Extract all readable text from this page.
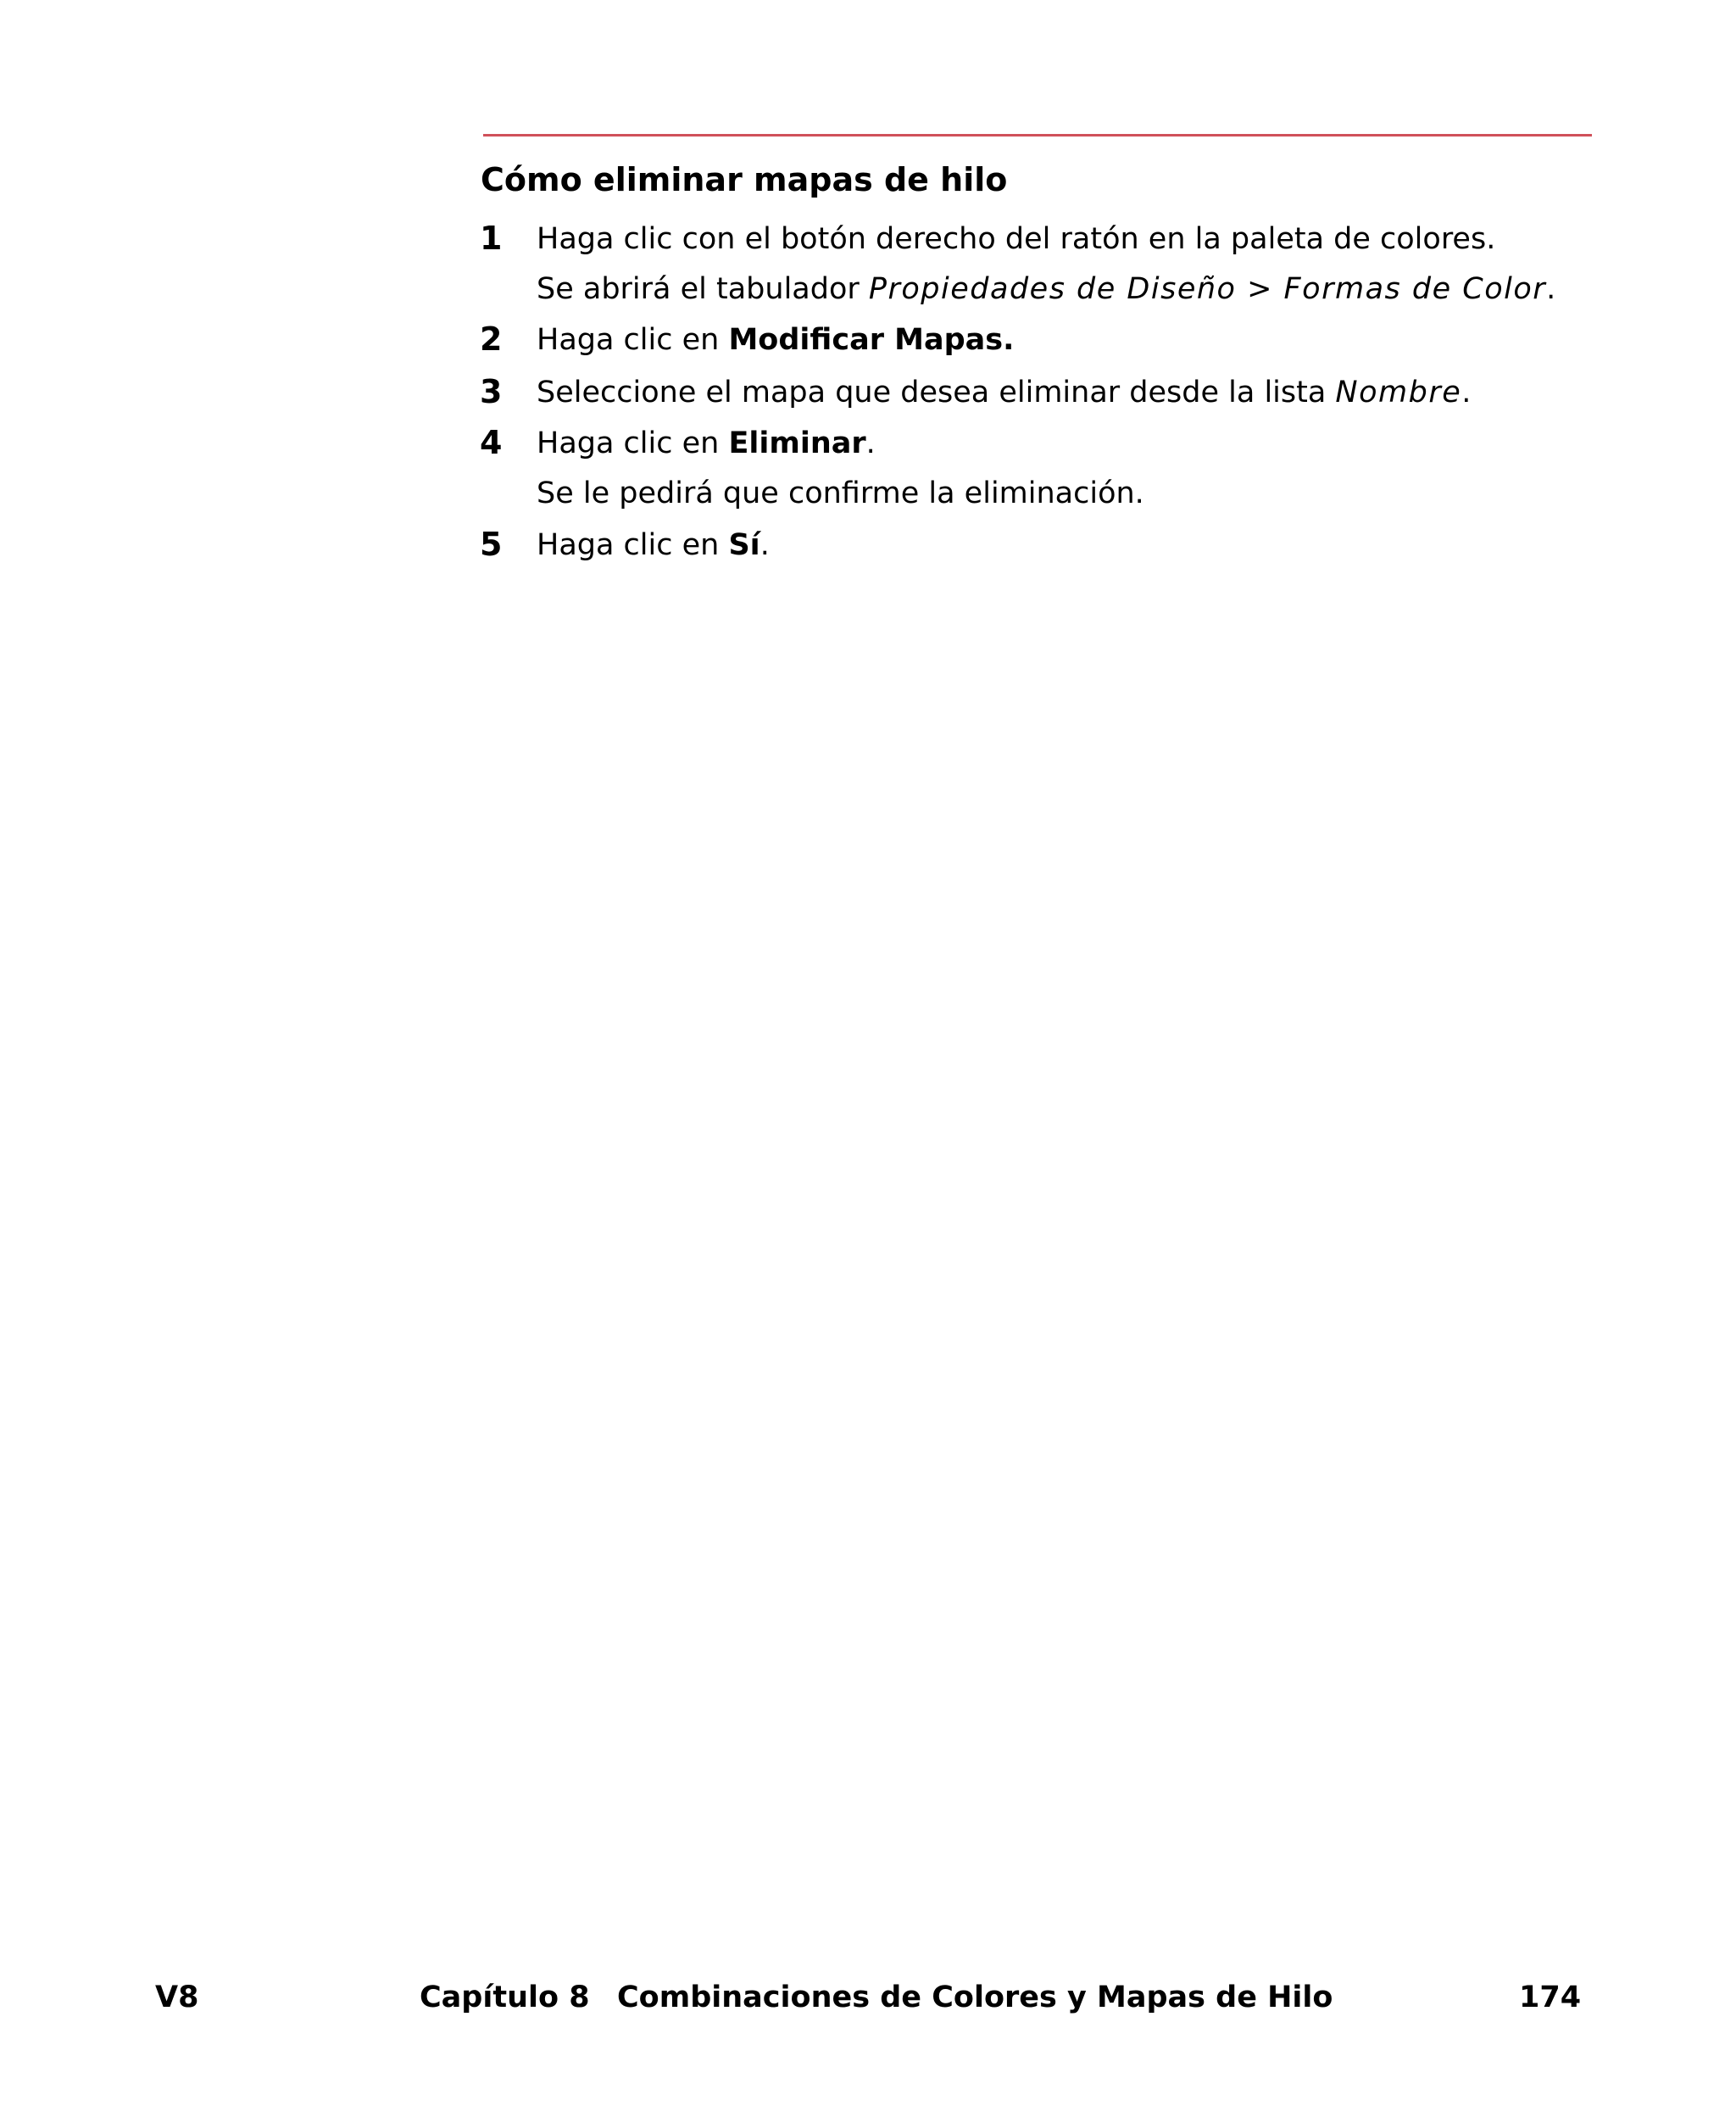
Cómo eliminar mapas de hilo
1 Haga clic con el botón derecho del ratón en la paleta de colores.
Se abrirá el tabulador Propiedades de Diseño > Formas de Color.
2 Haga clic en Modificar Mapas.
3 Seleccione el mapa que desea eliminar desde la lista Nombre.
4 Haga clic en Eliminar.
Se le pedirá que confirme la eliminación.
5 Haga clic en Sí.
V8	Capítulo 8 Combinaciones de Colores y Mapas de Hilo	174
